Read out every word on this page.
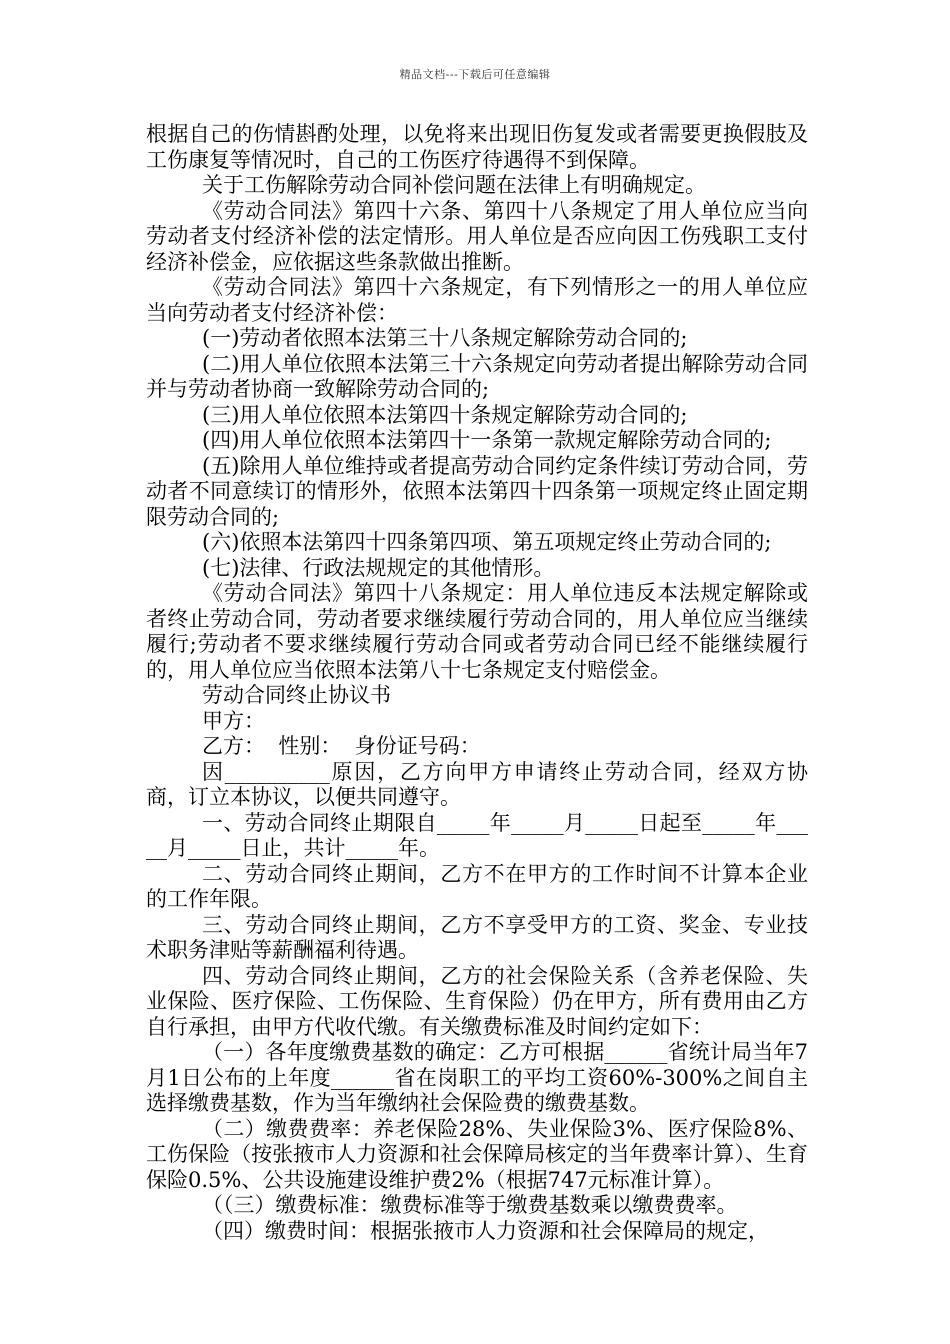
精品文档---下载后可任意编辑

根据自己的伤情斟酌处理，以免将来出现旧伤复发或者需要更换假肢及工伤康复等情况时，自己的工伤医疗待遇得不到保障。

关于工伤解除劳动合同补偿问题在法律上有明确规定。

《劳动合同法》第四十六条、第四十八条规定了用人单位应当向劳动者支付经济补偿的法定情形。用人单位是否应向因工伤残职工支付经济补偿金，应依据这些条款做出推断。

《劳动合同法》第四十六条规定，有下列情形之一的用人单位应当向劳动者支付经济补偿：

(一)劳动者依照本法第三十八条规定解除劳动合同的;

(二)用人单位依照本法第三十六条规定向劳动者提出解除劳动合同并与劳动者协商一致解除劳动合同的;

(三)用人单位依照本法第四十条规定解除劳动合同的;

(四)用人单位依照本法第四十一条第一款规定解除劳动合同的;

(五)除用人单位维持或者提高劳动合同约定条件续订劳动合同，劳动者不同意续订的情形外，依照本法第四十四条第一项规定终止固定期限劳动合同的;

(六)依照本法第四十四条第四项、第五项规定终止劳动合同的;

(七)法律、行政法规规定的其他情形。

《劳动合同法》第四十八条规定：用人单位违反本法规定解除或者终止劳动合同，劳动者要求继续履行劳动合同的，用人单位应当继续履行;劳动者不要求继续履行劳动合同或者劳动合同已经不能继续履行的，用人单位应当依照本法第八十七条规定支付赔偿金。

劳动合同终止协议书

甲方：

乙方：  性别：  身份证号码：

因__________原因，乙方向甲方申请终止劳动合同，经双方协商，订立本协议，以便共同遵守。

一、劳动合同终止期限自_____年_____月_____日起至_____年_____月_____日止，共计_____年。

二、劳动合同终止期间，乙方不在甲方的工作时间不计算本企业的工作年限。

三、劳动合同终止期间，乙方不享受甲方的工资、奖金、专业技术职务津贴等薪酬福利待遇。

四、劳动合同终止期间，乙方的社会保险关系（含养老保险、失业保险、医疗保险、工伤保险、生育保险）仍在甲方，所有费用由乙方自行承担，由甲方代收代缴。有关缴费标准及时间约定如下：

（一）各年度缴费基数的确定：乙方可根据______省统计局当年7月1日公布的上年度______省在岗职工的平均工资60%-300%之间自主选择缴费基数，作为当年缴纳社会保险费的缴费基数。

（二）缴费费率：养老保险28%、失业保险3%、医疗保险8%、工伤保险（按张掖市人力资源和社会保障局核定的当年费率计算）、生育保险0.5%、公共设施建设维护费2%（根据747元标准计算）。

（（三）缴费标准：缴费标准等于缴费基数乘以缴费费率。

（四）缴费时间：根据张掖市人力资源和社会保障局的规定，
